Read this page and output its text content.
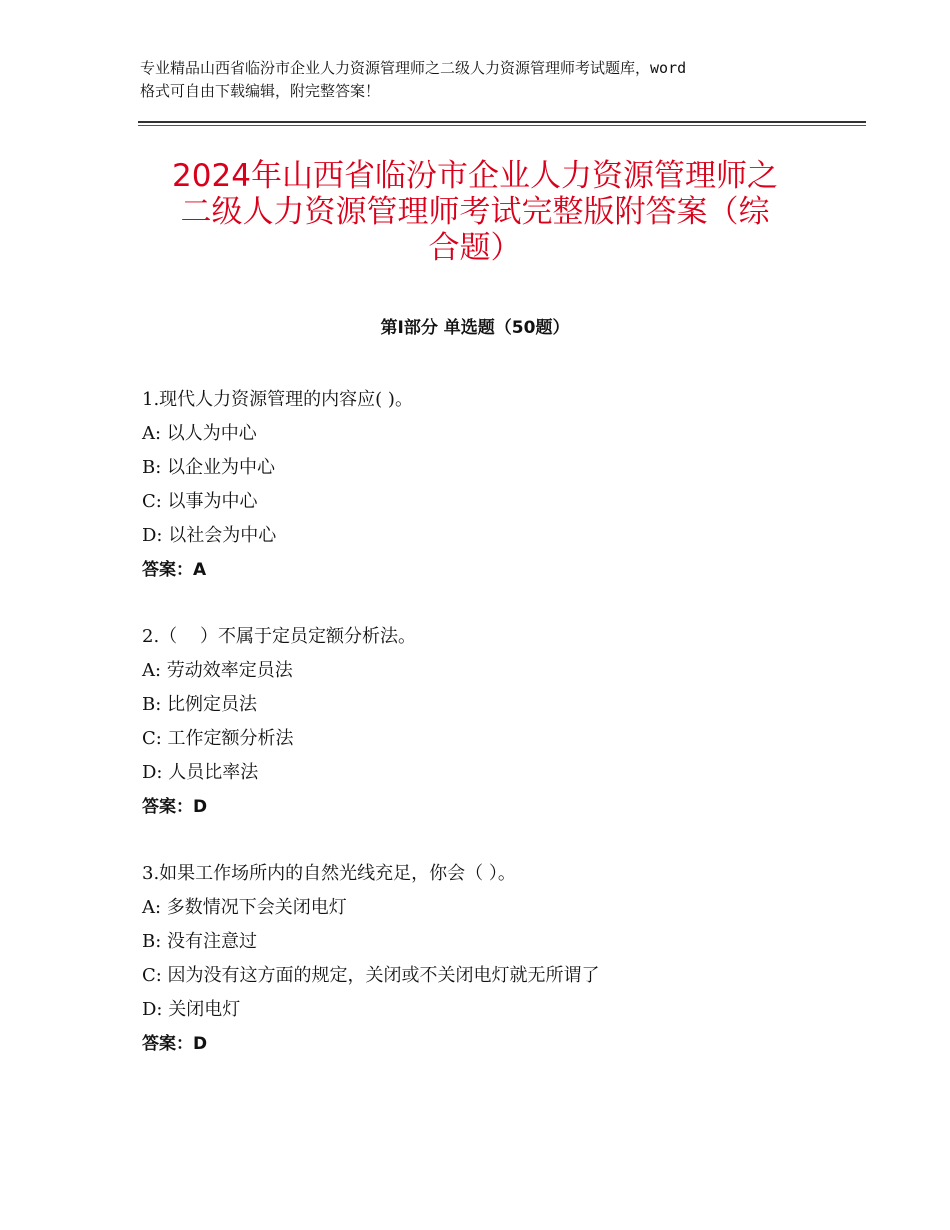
专业精品山西省临汾市企业人力资源管理师之二级人力资源管理师考试题库，word
格式可自由下载编辑，附完整答案！
2024年山西省临汾市企业人力资源管理师之
二级人力资源管理师考试完整版附答案（综
合题）
第Ⅰ部分 单选题（50题）
1.现代人力资源管理的内容应( )。
A: 以人为中心
B: 以企业为中心
C: 以事为中心
D: 以社会为中心
答案：A
2.（    ）不属于定员定额分析法。
A: 劳动效率定员法
B: 比例定员法
C: 工作定额分析法
D: 人员比率法
答案：D
3.如果工作场所内的自然光线充足，你会（ ）。
A: 多数情况下会关闭电灯
B: 没有注意过
C: 因为没有这方面的规定，关闭或不关闭电灯就无所谓了
D: 关闭电灯
答案：D
